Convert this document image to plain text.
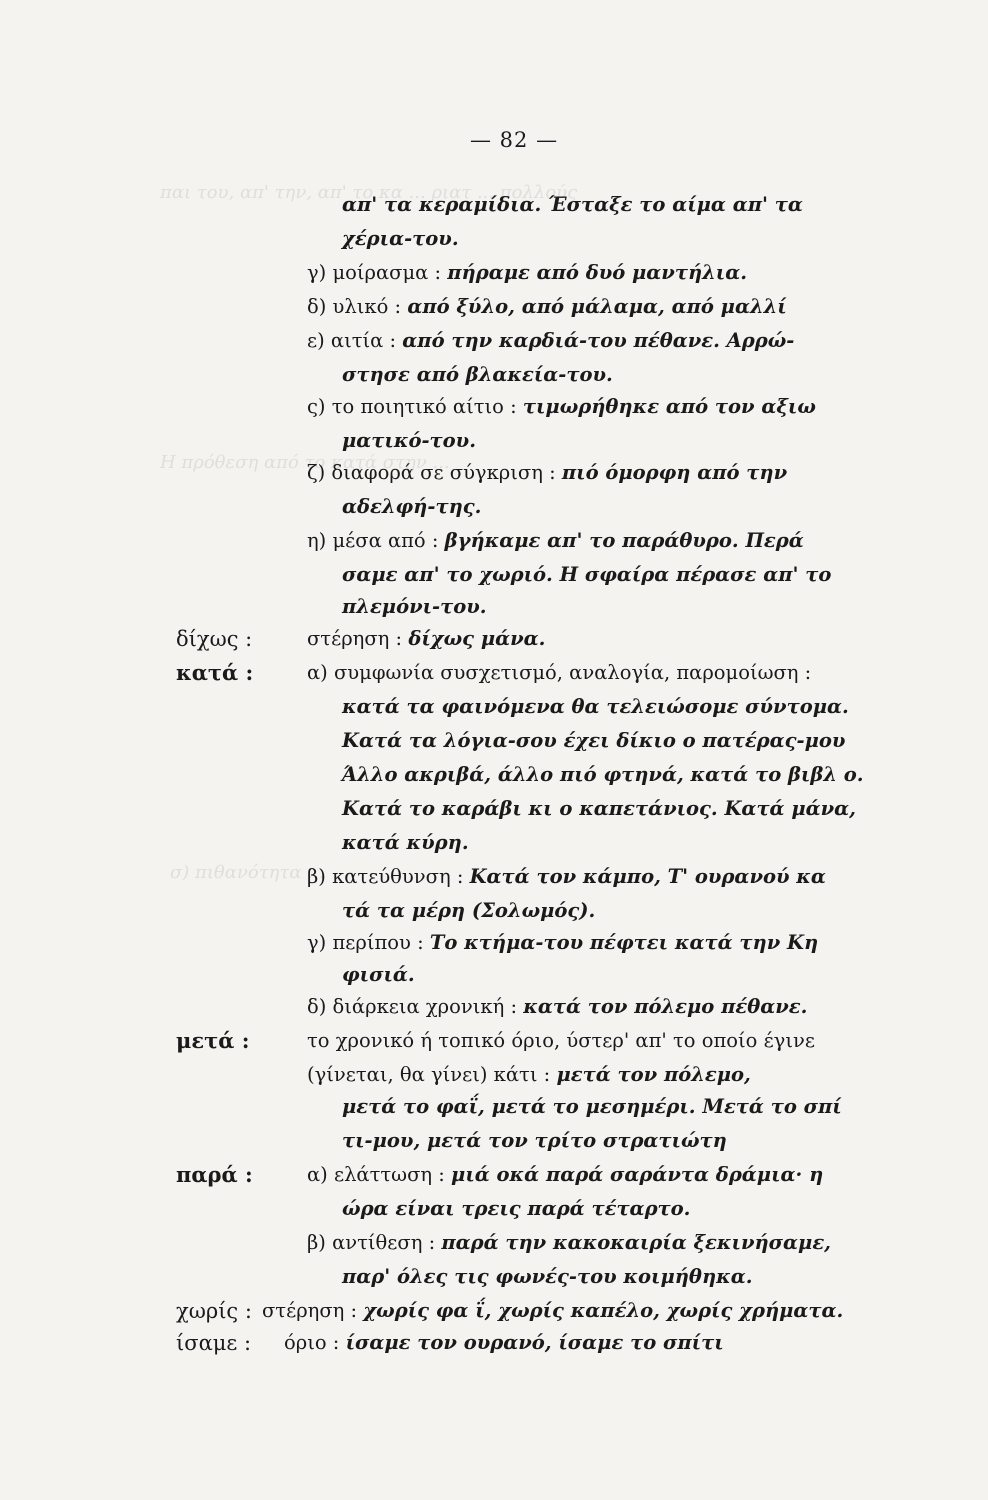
παι του, απ' την, απ' το κα ... ριατ ... πολλούς
Η πρόθεση από το κατά στην ...
σ) πιθανότητα ...
— 82 —
απ' τα κεραμίδια. Έσταξε το αίμα απ' τα
χέρια-του.
γ) μοίρασμα : πήραμε από δυό μαντήλια.
δ) υλικό : από ξύλο, από μάλαμα, από μαλλί
ε) αιτία : από την καρδιά-του πέθανε. Αρρώ-
στησε από βλακεία-του.
ς) το ποιητικό αίτιο : τιμωρήθηκε από τον αξιω
ματικό-του.
ζ) διαφορά σε σύγκριση : πιό όμορφη από την
αδελφή-της.
η) μέσα από : βγήκαμε απ' το παράθυρο. Περά
σαμε απ' το χωριό. Η σφαίρα πέρασε απ' το
πλεμόνι-του.
δίχως :	στέρηση : δίχως μάνα.
κατά :	α) συμφωνία συσχετισμό, αναλογία, παρομοίωση :
κατά τα φαινόμενα θα τελειώσομε σύντομα.
Κατά τα λόγια-σου έχει δίκιο ο πατέρας-μου
Άλλο ακριβά, άλλο πιό φτηνά, κατά το βιβλ ο.
Κατά το καράβι κι ο καπετάνιος. Κατά μάνα,
κατά κύρη.
β) κατεύθυνση : Κατά τον κάμπο, Τ' ουρανού κα
τά τα μέρη (Σολωμός).
γ) περίπου : Το κτήμα-του πέφτει κατά την Κη
φισιά.
δ) διάρκεια χρονική : κατά τον πόλεμο πέθανε.
μετά :	το χρονικό ή τοπικό όριο, ύστερ' απ' το οποίο έγινε
(γίνεται, θα γίνει) κάτι : μετά τον πόλεμο,
μετά το φαΐ, μετά το μεσημέρι. Μετά το σπί
τι-μου, μετά τον τρίτο στρατιώτη
παρά :	α) ελάττωση : μιά οκά παρά σαράντα δράμια· η
ώρα είναι τρεις παρά τέταρτο.
β) αντίθεση : παρά την κακοκαιρία ξεκινήσαμε,
παρ' όλες τις φωνές-του κοιμήθηκα.
χωρίς : στέρηση : χωρίς φα ΐ, χωρίς καπέλο, χωρίς χρήματα.
ίσαμε : όριο : ίσαμε τον ουρανό, ίσαμε το σπίτι
